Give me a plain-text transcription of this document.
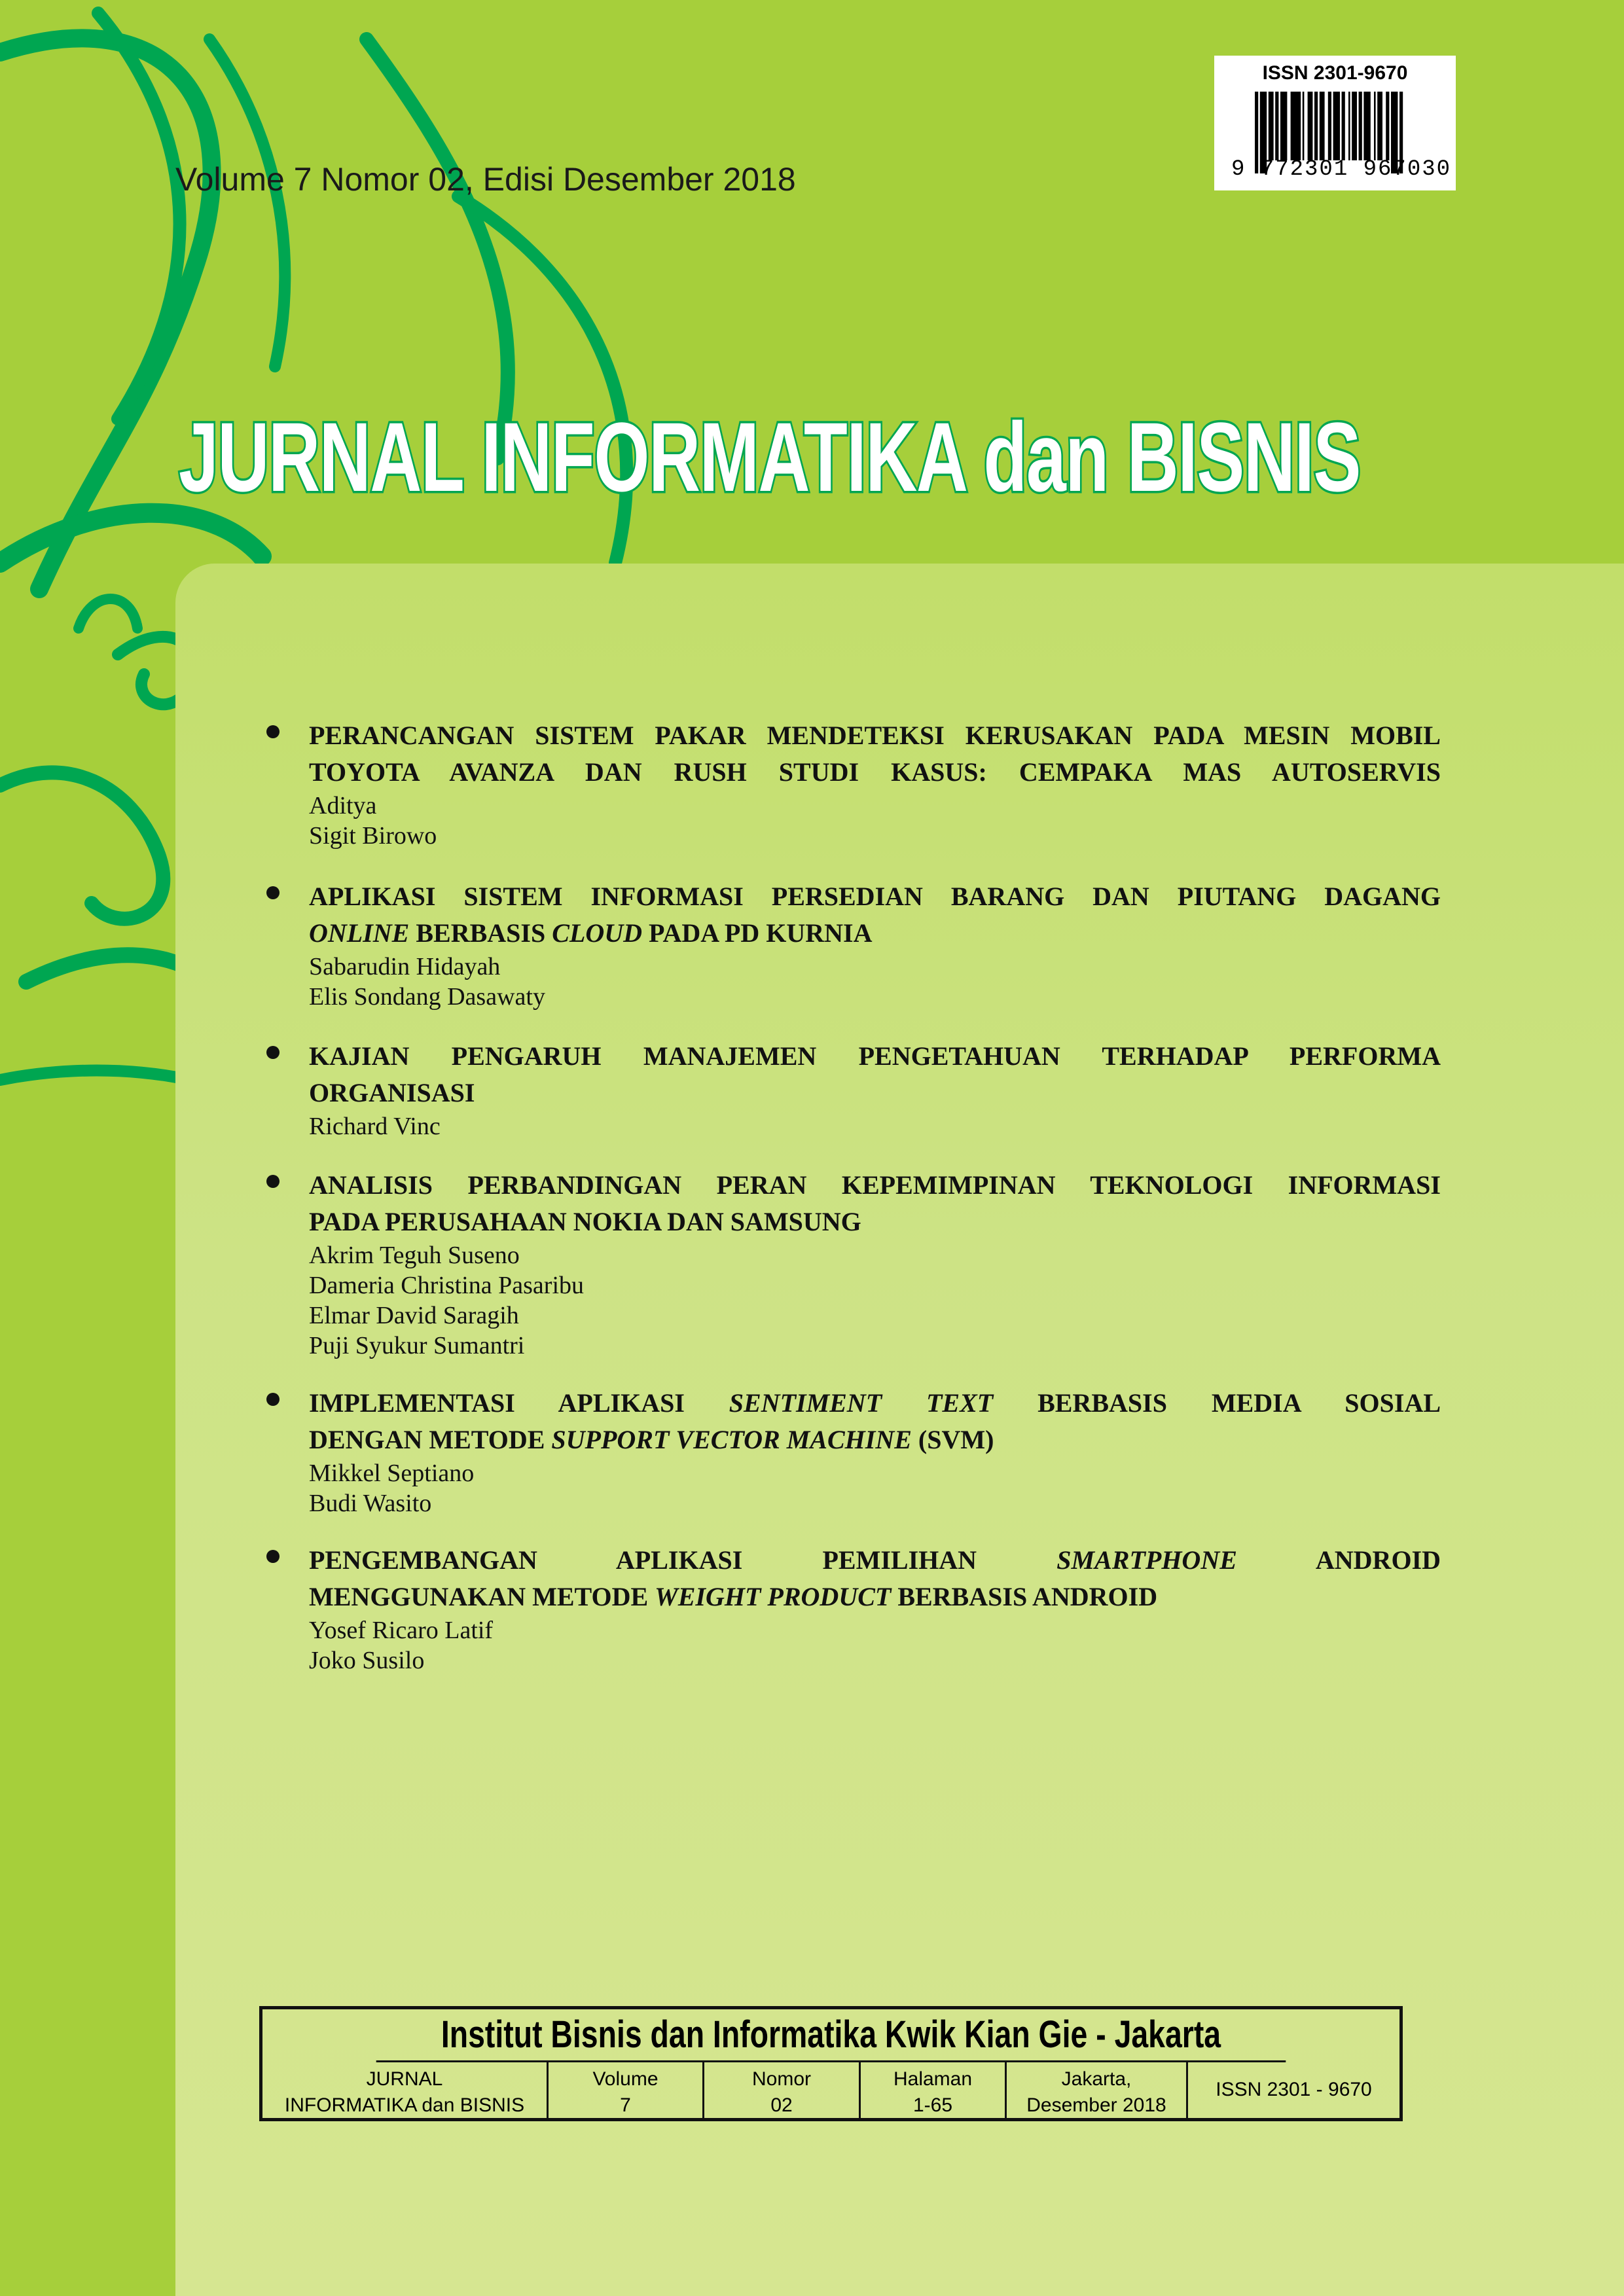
Volume 7 Nomor 02, Edisi Desember 2018
ISSN 2301-9670
9 772301 967030
JURNAL INFORMATIKA dan BISNIS
PERANCANGAN SISTEM PAKAR MENDETEKSI KERUSAKAN PADA MESIN MOBIL
TOYOTA AVANZA DAN RUSH STUDI KASUS: CEMPAKA MAS AUTOSERVIS
Aditya
Sigit Birowo
APLIKASI SISTEM INFORMASI PERSEDIAN BARANG DAN PIUTANG DAGANG
ONLINE BERBASIS CLOUD PADA PD KURNIA
Sabarudin Hidayah
Elis Sondang Dasawaty
KAJIAN PENGARUH MANAJEMEN PENGETAHUAN TERHADAP PERFORMA
ORGANISASI
Richard Vinc
ANALISIS PERBANDINGAN PERAN KEPEMIMPINAN TEKNOLOGI INFORMASI
PADA PERUSAHAAN NOKIA DAN SAMSUNG
Akrim Teguh Suseno
Dameria Christina Pasaribu
Elmar David Saragih
Puji Syukur Sumantri
IMPLEMENTASI APLIKASI SENTIMENT TEXT BERBASIS MEDIA SOSIAL
DENGAN METODE SUPPORT VECTOR MACHINE (SVM)
Mikkel Septiano
Budi Wasito
PENGEMBANGAN APLIKASI PEMILIHAN SMARTPHONE ANDROID
MENGGUNAKAN METODE WEIGHT PRODUCT BERBASIS ANDROID
Yosef Ricaro Latif
Joko Susilo
Institut Bisnis dan Informatika Kwik Kian Gie - Jakarta
JURNAL
INFORMATIKA dan BISNIS
Volume
7
Nomor
02
Halaman
1-65
Jakarta,
Desember 2018
ISSN 2301 - 9670
